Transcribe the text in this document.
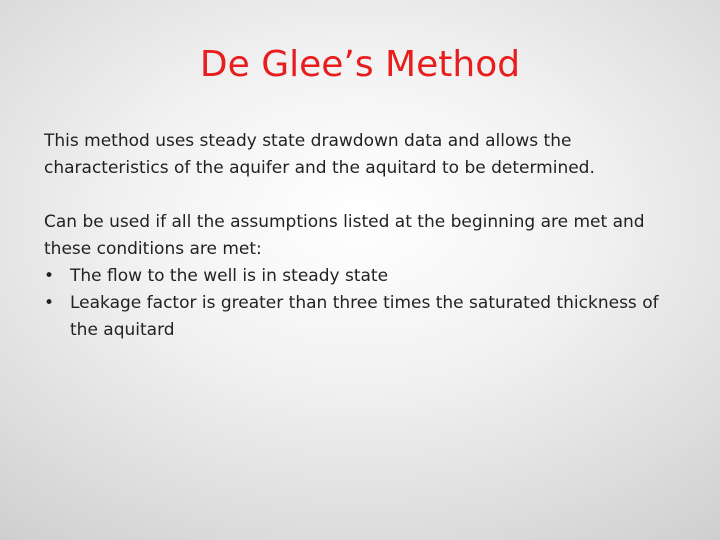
De Glee’s Method

This method uses steady state drawdown data and allows the characteristics of the aquifer and the aquitard to be determined.

Can be used if all the assumptions listed at the beginning are met and these conditions are met:

• The flow to the well is in steady state
• Leakage factor is greater than three times the saturated thickness of the aquitard
